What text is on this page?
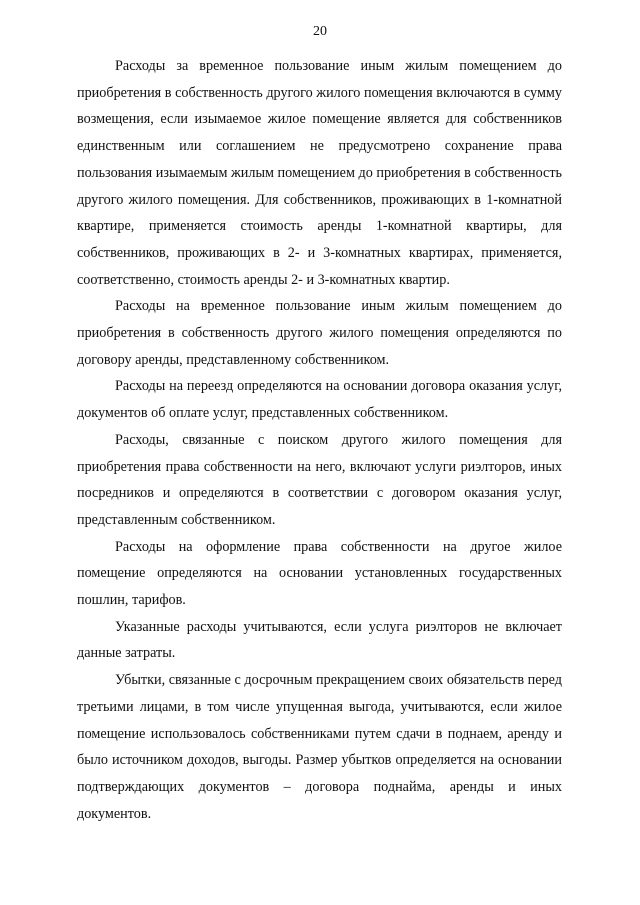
20

Расходы за временное пользование иным жилым помещением до приобретения в собственность другого жилого помещения включаются в сумму возмещения, если изымаемое жилое помещение является для собственников единственным или соглашением не предусмотрено сохранение права пользования изымаемым жилым помещением до приобретения в собственность другого жилого помещения. Для собственников, проживающих в 1-комнатной квартире, применяется стоимость аренды 1-комнатной квартиры, для собственников, проживающих в 2- и 3-комнатных квартирах, применяется, соответственно, стоимость аренды 2- и 3-комнатных квартир.

Расходы на временное пользование иным жилым помещением до приобретения в собственность другого жилого помещения определяются по договору аренды, представленному собственником.

Расходы на переезд определяются на основании договора оказания услуг, документов об оплате услуг, представленных собственником.

Расходы, связанные с поиском другого жилого помещения для приобретения права собственности на него, включают услуги риэлторов, иных посредников и определяются в соответствии с договором оказания услуг, представленным собственником.

Расходы на оформление права собственности на другое жилое помещение определяются на основании установленных государственных пошлин, тарифов.

Указанные расходы учитываются, если услуга риэлторов не включает данные затраты.

Убытки, связанные с досрочным прекращением своих обязательств перед третьими лицами, в том числе упущенная выгода, учитываются, если жилое помещение использовалось собственниками путем сдачи в поднаем, аренду и было источником доходов, выгоды. Размер убытков определяется на основании подтверждающих документов – договора поднайма, аренды и иных документов.
